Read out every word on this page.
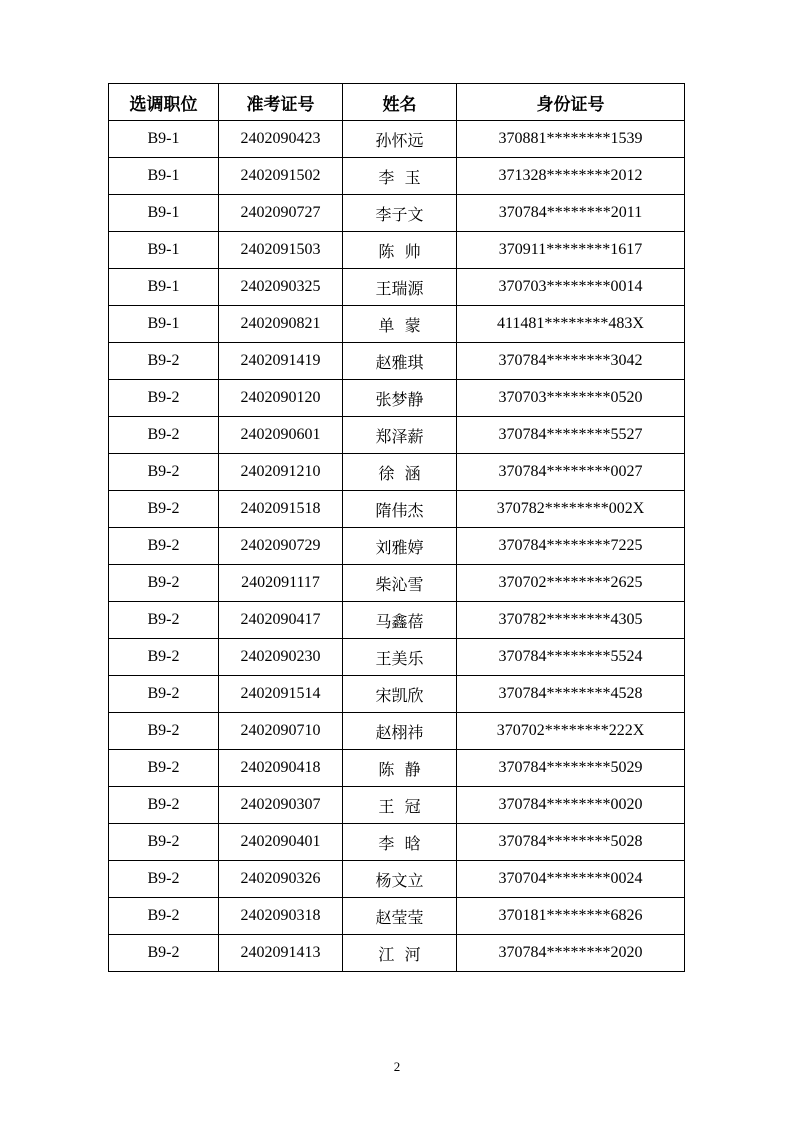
选调职位	准考证号	姓名	身份证号
B9-1	2402090423	孙怀远	370881********1539
B9-1	2402091502	李  玉	371328********2012
B9-1	2402090727	李子文	370784********2011
B9-1	2402091503	陈  帅	370911********1617
B9-1	2402090325	王瑞源	370703********0014
B9-1	2402090821	单  蒙	411481********483X
B9-2	2402091419	赵雅琪	370784********3042
B9-2	2402090120	张梦静	370703********0520
B9-2	2402090601	郑泽薪	370784********5527
B9-2	2402091210	徐  涵	370784********0027
B9-2	2402091518	隋伟杰	370782********002X
B9-2	2402090729	刘雅婷	370784********7225
B9-2	2402091117	柴沁雪	370702********2625
B9-2	2402090417	马鑫蓓	370782********4305
B9-2	2402090230	王美乐	370784********5524
B9-2	2402091514	宋凯欣	370784********4528
B9-2	2402090710	赵栩祎	370702********222X
B9-2	2402090418	陈  静	370784********5029
B9-2	2402090307	王  冠	370784********0020
B9-2	2402090401	李  晗	370784********5028
B9-2	2402090326	杨文立	370704********0024
B9-2	2402090318	赵莹莹	370181********6826
B9-2	2402091413	江  河	370784********2020
2
